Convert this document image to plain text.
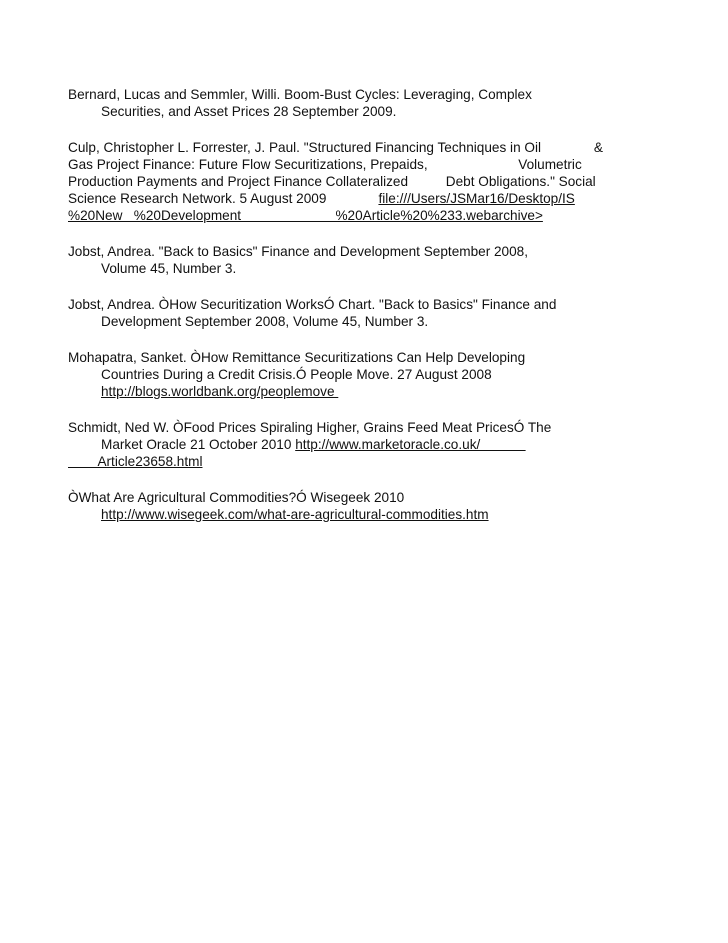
Bernard, Lucas and Semmler, Willi. Boom-Bust Cycles: Leveraging, Complex
Securities, and Asset Prices 28 September 2009.
Culp, Christopher L. Forrester, J. Paul. "Structured Financing Techniques in Oil              &
Gas Project Finance: Future Flow Securitizations, Prepaids,                        Volumetric
Production Payments and Project Finance Collateralized          Debt Obligations." Social
Science Research Network. 5 August 2009	file:///Users/JSMar16/Desktop/IS
%20New   %20Development                         %20Article%20%233.webarchive>
Jobst, Andrea. "Back to Basics" Finance and Development September 2008,
Volume 45, Number 3.
Jobst, Andrea. ÒHow Securitization WorksÓ Chart. "Back to Basics" Finance and
Development September 2008, Volume 45, Number 3.
Mohapatra, Sanket. ÒHow Remittance Securitizations Can Help Developing
Countries During a Credit Crisis.Ó People Move. 27 August 2008
http://blogs.worldbank.org/peoplemove
Schmidt, Ned W. ÒFood Prices Spiraling Higher, Grains Feed Meat PricesÓ The
Market Oracle 21 October 2010 http://www.marketoracle.co.uk/
Article23658.html
ÒWhat Are Agricultural Commodities?Ó Wisegeek 2010
http://www.wisegeek.com/what-are-agricultural-commodities.htm
